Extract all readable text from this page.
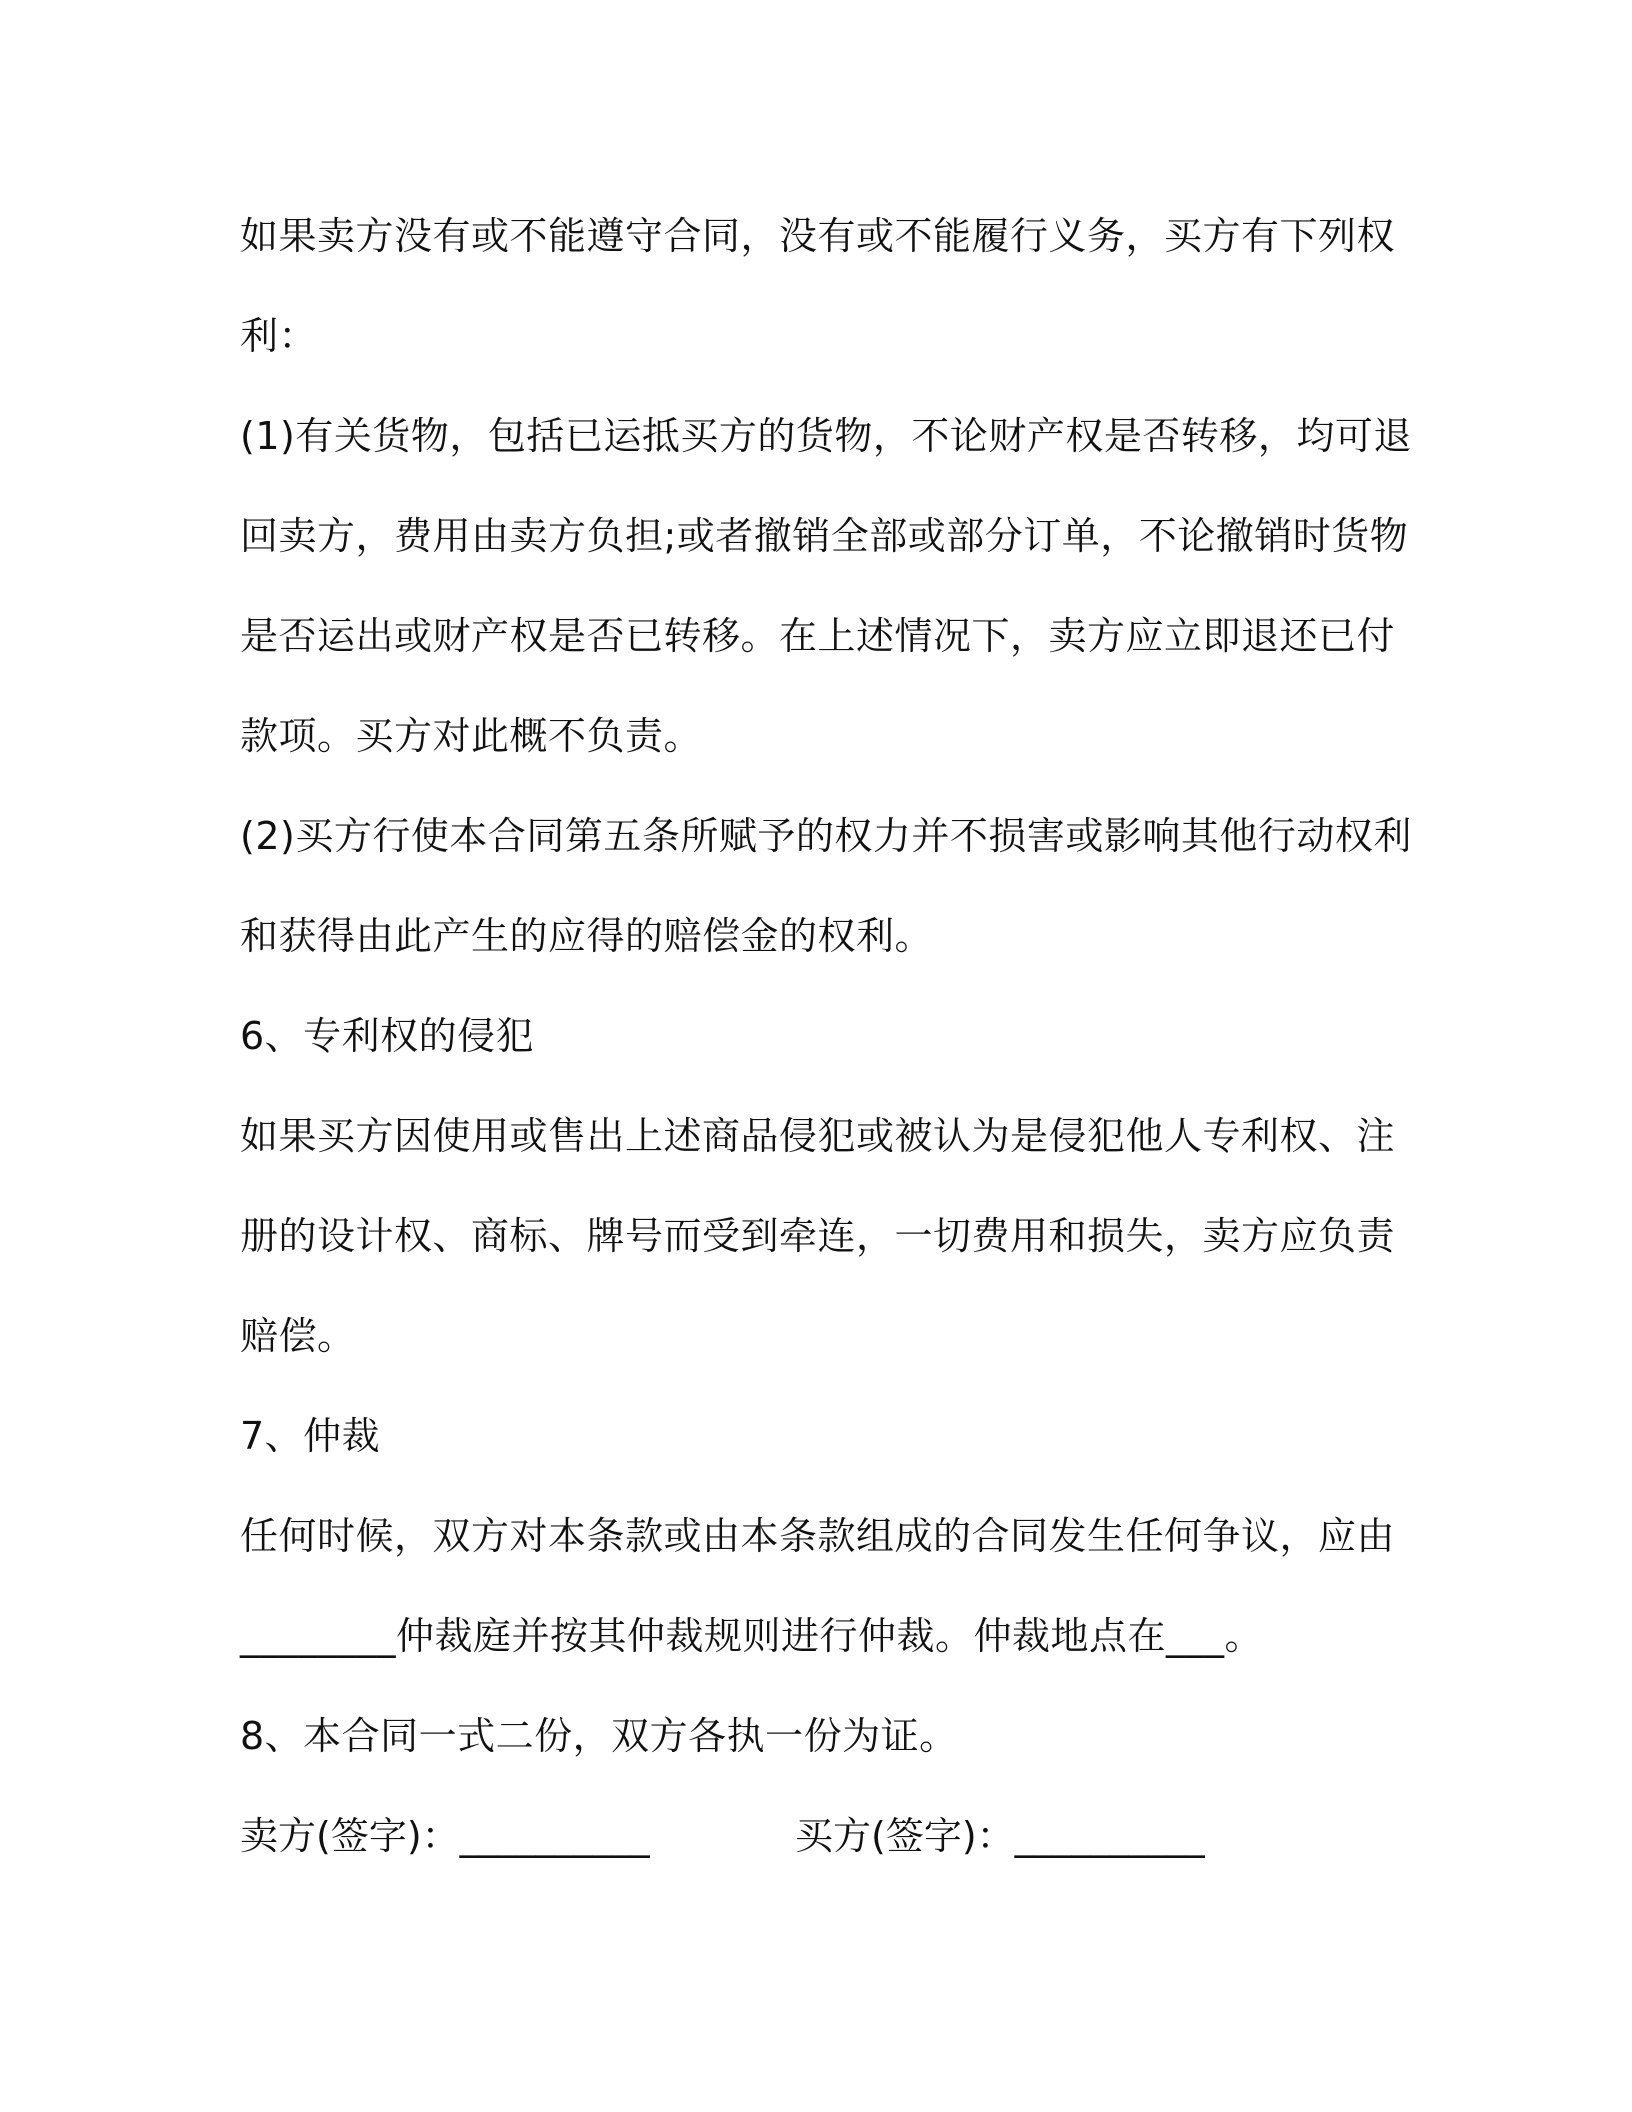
如果卖方没有或不能遵守合同，没有或不能履行义务，买方有下列权
利：
(1)有关货物，包括已运抵买方的货物，不论财产权是否转移，均可退
回卖方，费用由卖方负担;或者撤销全部或部分订单，不论撤销时货物
是否运出或财产权是否已转移。在上述情况下，卖方应立即退还已付
款项。买方对此概不负责。
(2)买方行使本合同第五条所赋予的权力并不损害或影响其他行动权利
和获得由此产生的应得的赔偿金的权利。
6、专利权的侵犯
如果买方因使用或售出上述商品侵犯或被认为是侵犯他人专利权、注
册的设计权、商标、牌号而受到牵连，一切费用和损失，卖方应负责
赔偿。
7、仲裁
任何时候，双方对本条款或由本条款组成的合同发生任何争议，应由
________仲裁庭并按其仲裁规则进行仲裁。仲裁地点在___。
8、本合同一式二份，双方各执一份为证。
卖方(签字)：__________	买方(签字)：__________
